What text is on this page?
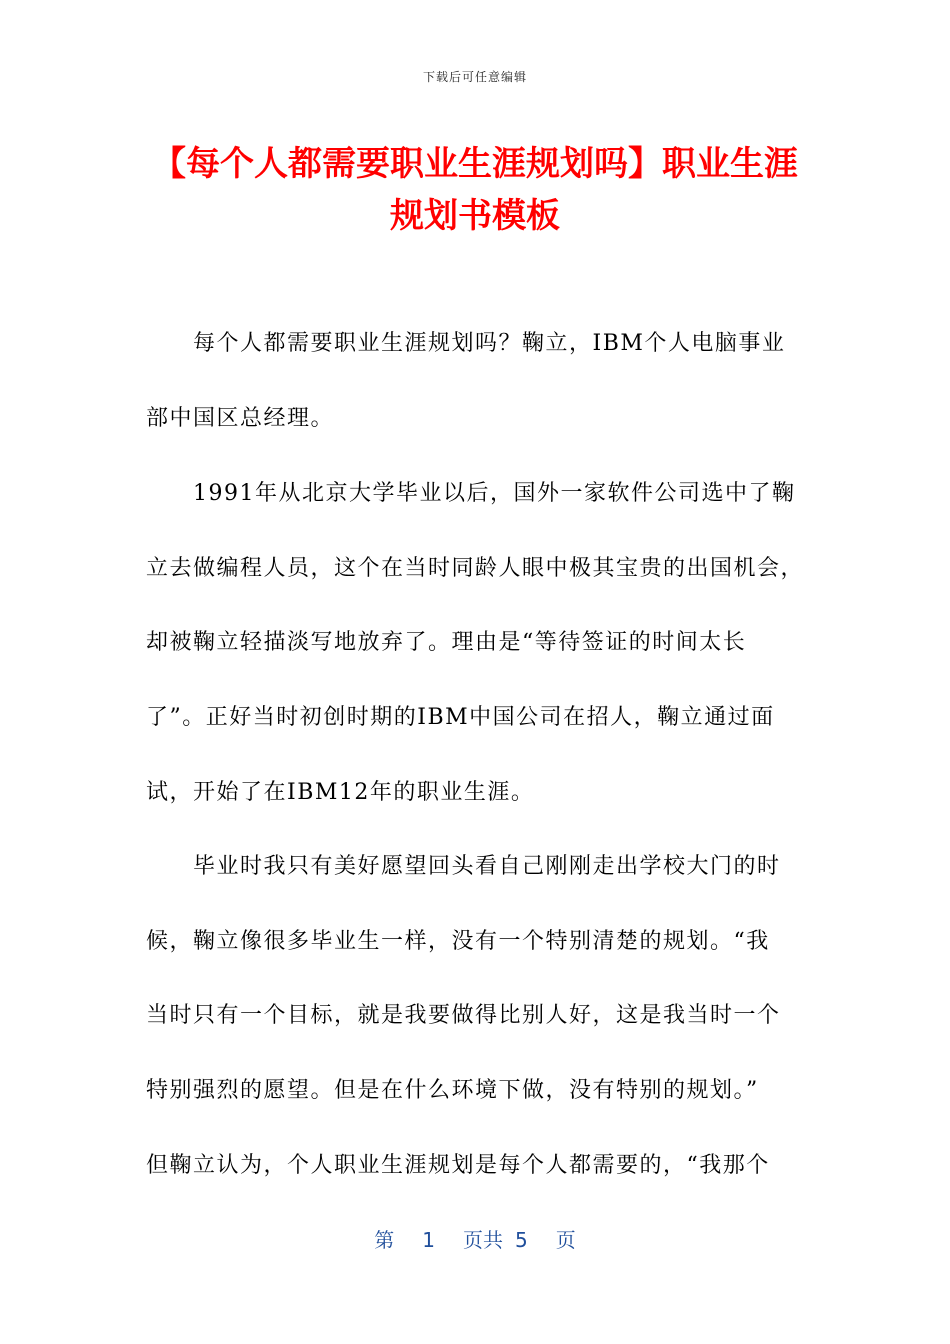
下载后可任意编辑
【每个人都需要职业生涯规划吗】职业生涯
规划书模板
　　每个人都需要职业生涯规划吗？鞠立，IBM个人电脑事业
部中国区总经理。
　　1991年从北京大学毕业以后，国外一家软件公司选中了鞠
立去做编程人员，这个在当时同龄人眼中极其宝贵的出国机会，
却被鞠立轻描淡写地放弃了。理由是“等待签证的时间太长
了”。正好当时初创时期的IBM中国公司在招人，鞠立通过面
试，开始了在IBM12年的职业生涯。
　　毕业时我只有美好愿望回头看自己刚刚走出学校大门的时
候，鞠立像很多毕业生一样，没有一个特别清楚的规划。“我
当时只有一个目标，就是我要做得比别人好，这是我当时一个
特别强烈的愿望。但是在什么环境下做，没有特别的规划。”
但鞠立认为，个人职业生涯规划是每个人都需要的，“我那个
第 1 页共 5 页
